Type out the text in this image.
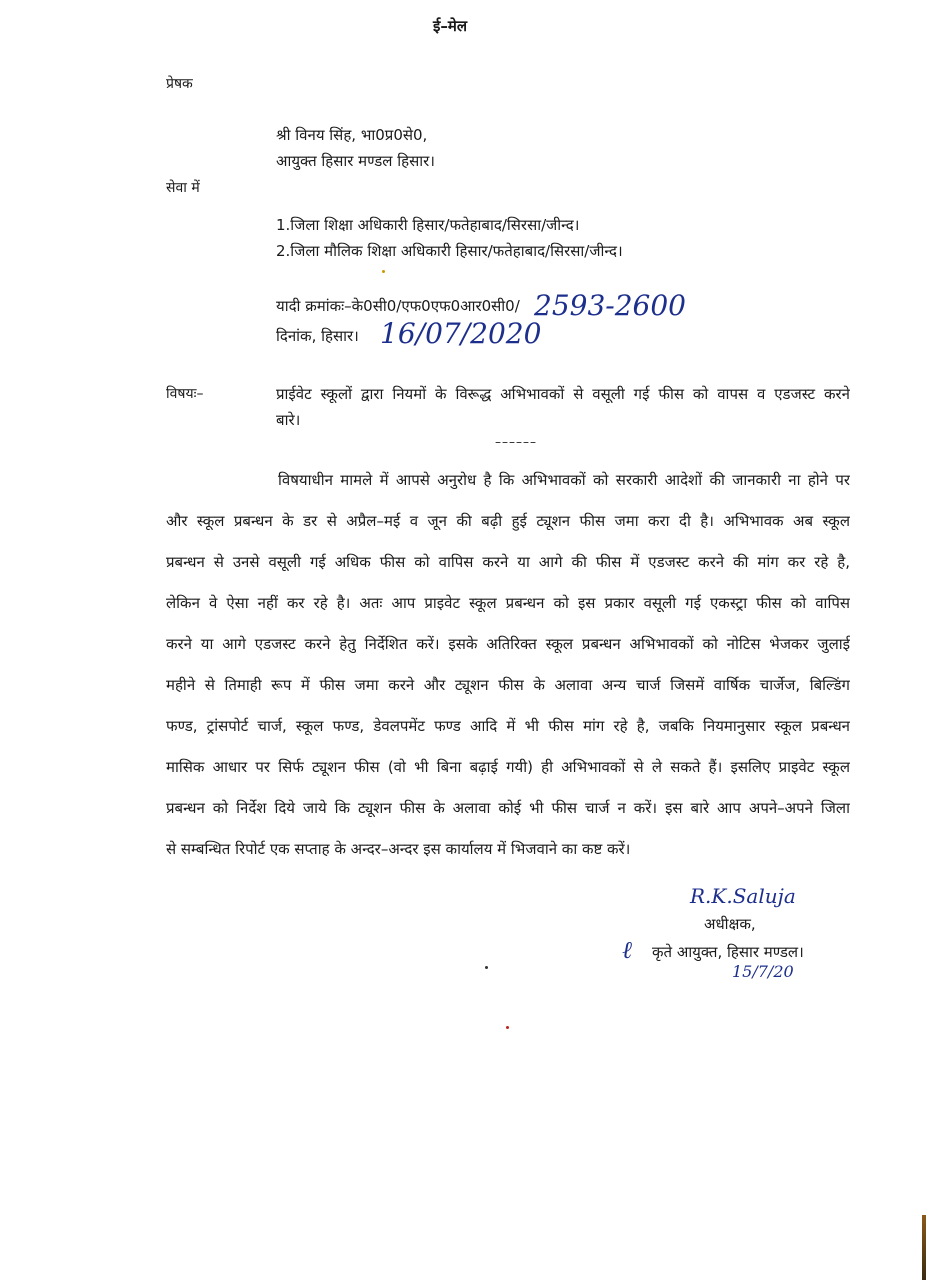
ई–मेल
प्रेषक
श्री विनय सिंह, भा0प्र0से0,
आयुक्त हिसार मण्डल हिसार।
सेवा में
1.जिला शिक्षा अधिकारी हिसार/फतेहाबाद/सिरसा/जीन्द।
2.जिला मौलिक शिक्षा अधिकारी हिसार/फतेहाबाद/सिरसा/जीन्द।
यादी क्रमांकः–के0सी0/एफ0एफ0आर0सी0/ 2593-2600
दिनांक, हिसार। 16/07/2020
विषयः–	प्राईवेट स्कूलों द्वारा नियमों के विरूद्ध अभिभावकों से वसूली गई फीस को वापस व एडजस्ट करने
बारे।
––––––
विषयाधीन मामले में आपसे अनुरोध है कि अभिभावकों को सरकारी आदेशों की जानकारी ना होने पर
और स्कूल प्रबन्धन के डर से अप्रैल–मई व जून की बढ़ी हुई ट्यूशन फीस जमा करा दी है। अभिभावक अब स्कूल
प्रबन्धन से उनसे वसूली गई अधिक फीस को वापिस करने या आगे की फीस में एडजस्ट करने की मांग कर रहे है,
लेकिन वे ऐसा नहीं कर रहे है। अतः आप प्राइवेट स्कूल प्रबन्धन को इस प्रकार वसूली गई एकस्ट्रा फीस को वापिस
करने या आगे एडजस्ट करने हेतु निर्देशित करें। इसके अतिरिक्त स्कूल प्रबन्धन अभिभावकों को नोटिस भेजकर जुलाई
महीने से तिमाही रूप में फीस जमा करने और ट्यूशन फीस के अलावा अन्य चार्ज जिसमें वार्षिक चार्जेज, बिल्डिंग
फण्ड, ट्रांसपोर्ट चार्ज, स्कूल फण्ड, डेवलपमेंट फण्ड आदि में भी फीस मांग रहे है, जबकि नियमानुसार स्कूल प्रबन्धन
मासिक आधार पर सिर्फ ट्यूशन फीस (वो भी बिना बढ़ाई गयी) ही अभिभावकों से ले सकते हैं। इसलिए प्राइवेट स्कूल
प्रबन्धन को निर्देश दिये जाये कि ट्यूशन फीस के अलावा कोई भी फीस चार्ज न करें। इस बारे आप अपने–अपने जिला
से सम्बन्धित रिपोर्ट एक सप्ताह के अन्दर–अन्दर इस कार्यालय में भिजवाने का कष्ट करें।
R.K.Saluja
अधीक्षक,
कृते आयुक्त, हिसार मण्डल।
ℓ
15/7/20
